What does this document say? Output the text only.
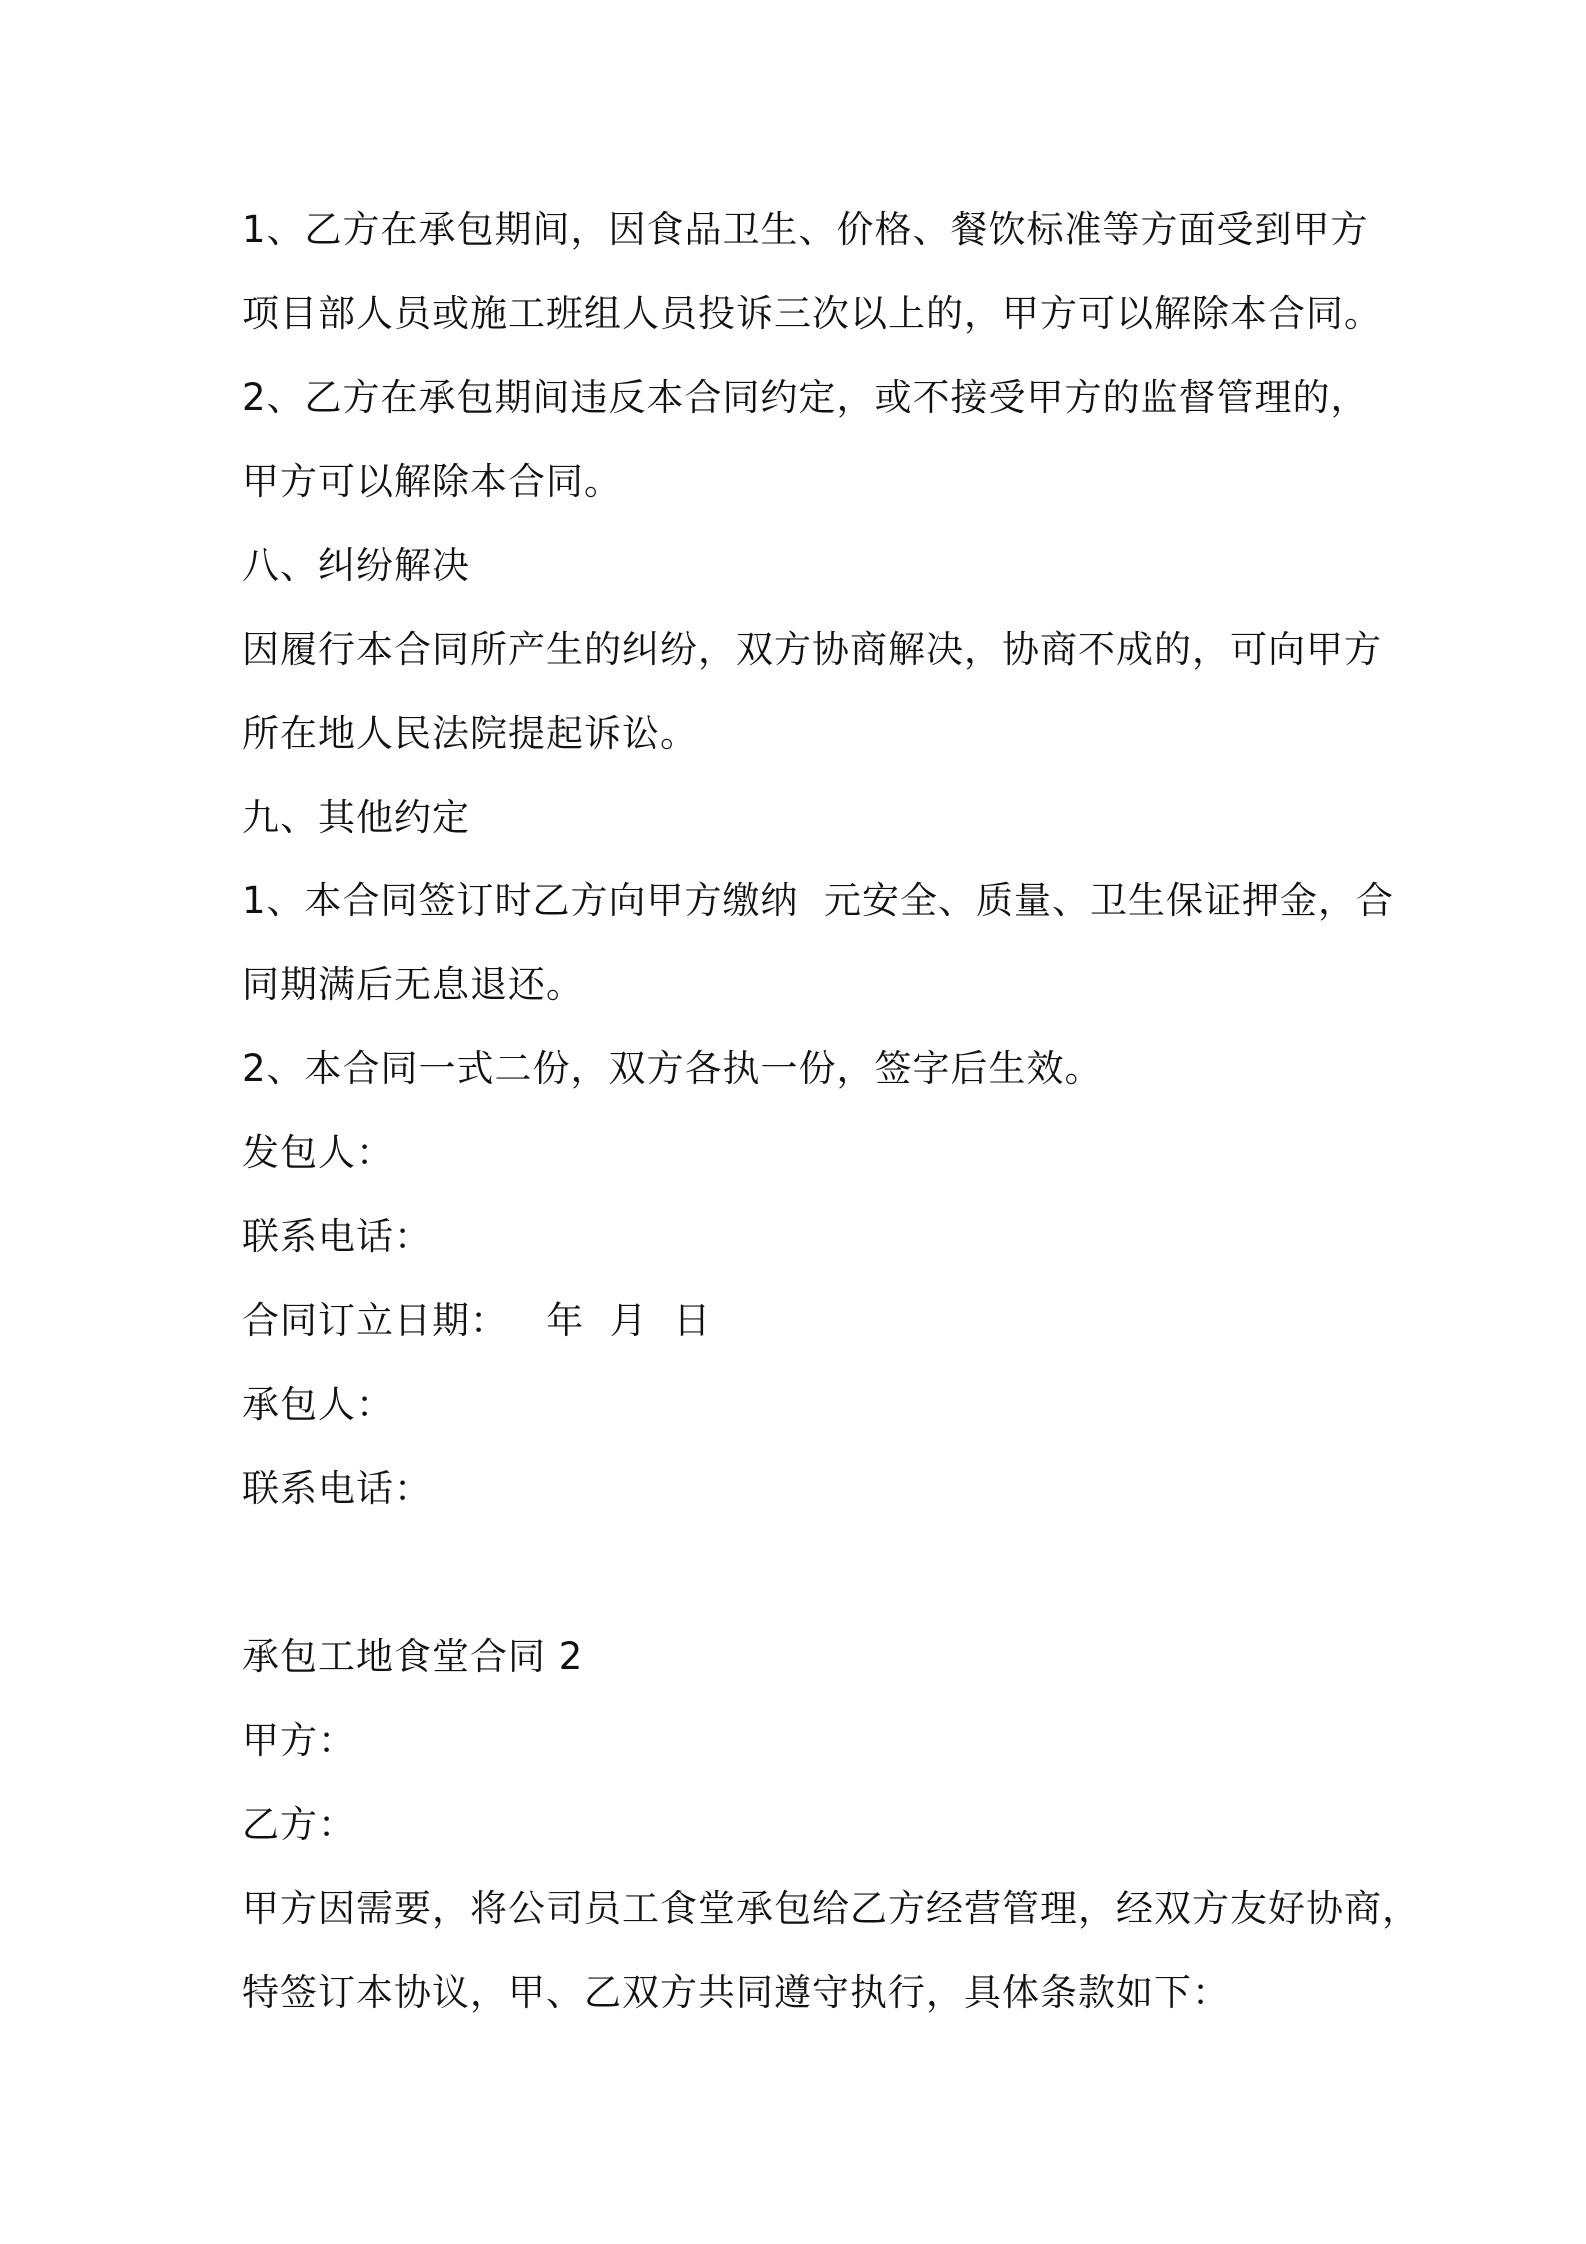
1、乙方在承包期间，因食品卫生、价格、餐饮标准等方面受到甲方

项目部人员或施工班组人员投诉三次以上的，甲方可以解除本合同。

2、乙方在承包期间违反本合同约定，或不接受甲方的监督管理的，

甲方可以解除本合同。

八、纠纷解决

因履行本合同所产生的纠纷，双方协商解决，协商不成的，可向甲方

所在地人民法院提起诉讼。

九、其他约定

1、本合同签订时乙方向甲方缴纳  元安全、质量、卫生保证押金，合

同期满后无息退还。

2、本合同一式二份，双方各执一份，签字后生效。

发包人：

联系电话：

合同订立日期：   年  月  日

承包人：

联系电话：

承包工地食堂合同 2

甲方：

乙方：

甲方因需要，将公司员工食堂承包给乙方经营管理，经双方友好协商，

特签订本协议，甲、乙双方共同遵守执行，具体条款如下：
